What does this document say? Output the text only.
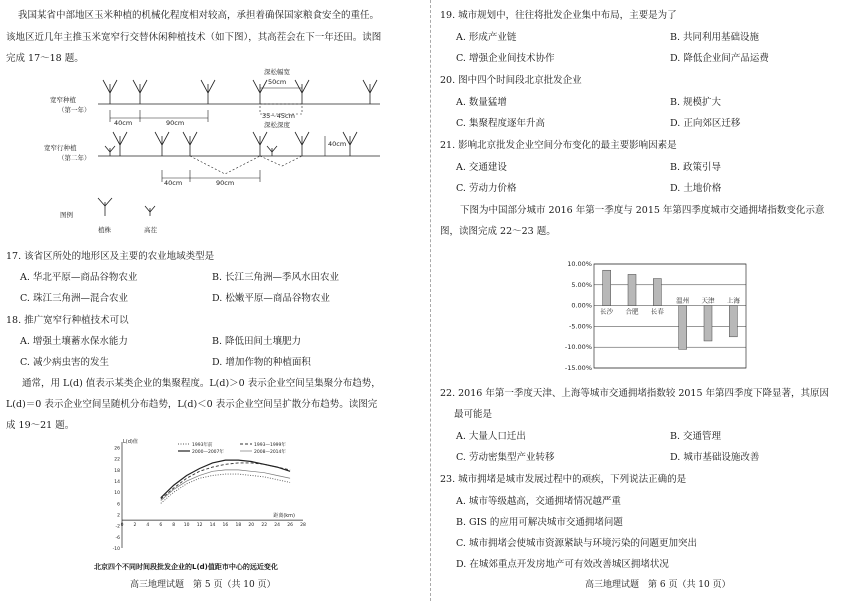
我国某省中部地区玉米种植的机械化程度相对较高，承担着确保国家粮食安全的重任。
该地区近几年主推玉米宽窄行交替休闲种植技术（如下图），其高茬会在下一年还田。读图
完成 17～18 题。
宽窄种植
（第一年）
宽窄行种植
（第二年）
40cm	90cm
深松幅宽
50cm
35～45cm
深松深度
40cm
40cm	90cm
图例
植株	高茬
17. 该省区所处的地形区及主要的农业地域类型是
A. 华北平原—商品谷物农业	B. 长江三角洲—季风水田农业
C. 珠江三角洲—混合农业	D. 松嫩平原—商品谷物农业
18. 推广宽窄行种植技术可以
A. 增强土壤蓄水保水能力	B. 降低田间土壤肥力
C. 减少病虫害的发生	D. 增加作物的种植面积
通常，用 L(d) 值表示某类企业的集聚程度。L(d)＞0 表示企业空间呈集聚分布趋势，
L(d)＝0 表示企业空间呈随机分布趋势，L(d)＜0 表示企业空间呈扩散分布趋势。读图完
成 19～21 题。
-10
-6
-2
2
6
10
14
18
22
26
0 2 4 6 8 10 12 14 16 18 20 22 24 26 28
L(d)值
距离(km)
1993年前	1993—1999年
2000—2007年	2008—2014年
北京四个不同时间段批发企业的L(d)值距市中心的远近变化
高三地理试题　第 5 页（共 10 页）
19. 城市规划中，往往将批发企业集中布局，主要是为了
A. 形成产业链	B. 共同利用基础设施
C. 增强企业间技术协作	D. 降低企业间产品运费
20. 图中四个时间段北京批发企业
A. 数量猛增	B. 规模扩大
C. 集聚程度逐年升高	D. 正向郊区迁移
21. 影响北京批发企业空间分布变化的最主要影响因素是
A. 交通建设	B. 政策引导
C. 劳动力价格	D. 土地价格
下图为中国部分城市 2016 年第一季度与 2015 年第四季度城市交通拥堵指数变化示意
图，读图完成 22～23 题。
10.00%
5.00%
0.00%
-5.00%
-10.00%
-15.00%
长沙 合肥 长春
温州 天津 上海
22. 2016 年第一季度天津、上海等城市交通拥堵指数较 2015 年第四季度下降显著，其原因
最可能是
A. 大量人口迁出	B. 交通管理
C. 劳动密集型产业转移	D. 城市基础设施改善
23. 城市拥堵是城市发展过程中的顽疾，下列说法正确的是
A. 城市等级越高，交通拥堵情况越严重
B. GIS 的应用可解决城市交通拥堵问题
C. 城市拥堵会使城市资源紧缺与环境污染的问题更加突出
D. 在城郊重点开发房地产可有效改善城区拥堵状况
高三地理试题　第 6 页（共 10 页）
